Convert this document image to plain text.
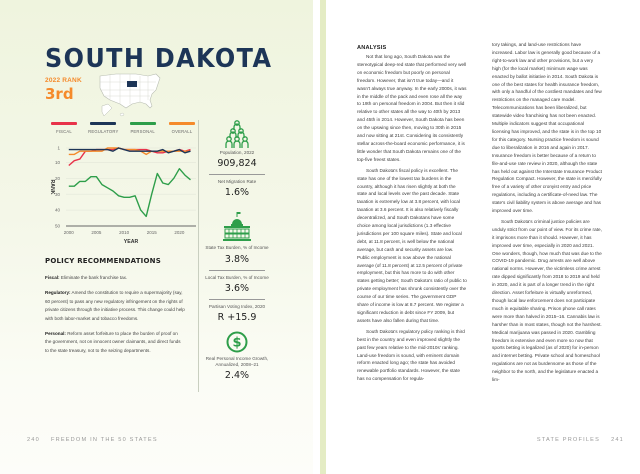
SOUTH DAKOTA
2022 RANK
3rd
FISCAL	REGULATORY	PERSONAL	OVERALL
1
10
20
30
40
50
2000	2005	2010	2015	2020
YEAR
RANK
POLICY RECOMMENDATIONS

Fiscal: Eliminate the bank franchise tax.

Regulatory: Amend the constitution to require a supermajority (say, 60 percent) to pass any new regulatory infringement on the rights of private citizens through the initiative process. This change could help with both labor-market and tobacco freedoms.

Personal: Reform asset forfeiture to place the burden of proof on the government, not on innocent owner claimants, and direct funds to the state treasury, not to the seizing departments.

Population, 2022
909,824
Net Migration Rate
1.6%
State Tax Burden, % of Income
3.8%
Local Tax Burden, % of Income
3.6%
Partisan Voting Index, 2020
R +15.9
$
Real Personal Income Growth, Annualized, 2008–21
2.4%
240 FREEDOM IN THE 50 STATES
ANALYSIS

Not that long ago, South Dakota was the stereotypical deep-red state that performed very well on economic freedom but poorly on personal freedom. However, that isn't true today—and it wasn't always true anyway. In the early 2000s, it was in the middle of the pack and even rose all the way to 19th on personal freedom in 2004. But then it slid relative to other states all the way to 40th by 2013 and 45th in 2014. However, South Dakota has been on the upswing since then, moving to 30th in 2015 and now sitting at 21st. Considering its consistently stellar across-the-board economic performance, it is little wonder that South Dakota remains one of the top-five freest states.

South Dakota's fiscal policy is excellent. The state has one of the lowest tax burdens in the country, although it has risen slightly at both the state and local levels over the past decade. State taxation is extremely low at 3.8 percent, with local taxation at 3.6 percent. It is also relatively fiscally decentralized, and South Dakotans have some choice among local jurisdictions (1.3 effective jurisdictions per 100 square miles). State and local debt, at 11.8 percent, is well below the national average, but cash and security assets are low. Public employment is now above the national average (of 11.8 percent) at 12.5 percent of private employment, but this has more to do with other states getting better; South Dakota's ratio of public to private employment has shrunk consistently over the course of our time series. The government GDP share of income is low at 8.7 percent. We register a significant reduction in debt since FY 2009, but assets have also fallen during that time.

South Dakota's regulatory policy ranking is third best in the country and even improved slightly the past few years relative to the mid-2010s' ranking. Land-use freedom is sound, with eminent domain reform enacted long ago; the state has avoided renewable portfolio standards. However, the state has no compensation for regula-

tory takings, and land-use restrictions have increased. Labor law is generally good because of a right-to-work law and other provisions, but a very high (for the local market) minimum wage was enacted by ballot initiative in 2014. South Dakota is one of the best states for health insurance freedom, with only a handful of the costliest mandates and few restrictions on the managed care model. Telecommunications has been liberalized, but statewide video franchising has not been enacted. Multiple indicators suggest that occupational licensing has improved, and the state is in the top 10 for this category. Nursing practice freedom is sound due to liberalization in 2016 and again in 2017. Insurance freedom is better because of a return to file-and-use rate review in 2020, although the state has held out against the Interstate Insurance Product Regulation Compact. However, the state is mercifully free of a variety of other cronyist entry and price regulations, including a certificate-of-need law. The state's civil liability system is above average and has improved over time.

South Dakota's criminal justice policies are unduly strict from our point of view. For its crime rate, it imprisons more than it should. However, it has improved over time, especially in 2020 and 2021. One wonders, though, how much that was due to the COVID-19 pandemic. Drug arrests are well above national norms. However, the victimless crime arrest rate dipped significantly from 2018 to 2019 and held in 2020, and it is part of a longer trend in the right direction. Asset forfeiture is virtually unreformed, though local law enforcement does not participate much in equitable sharing. Prison phone call rates were more than halved in 2015–16. Cannabis law is harsher than in most states, though not the harshest. Medical marijuana was passed in 2020. Gambling freedom is extensive and even more so now that sports betting is legalized (as of 2020) for in-person and internet betting. Private school and homeschool regulations are not as burdensome as those of the neighbor to the north, and the legislature enacted a lim-

STATE PROFILES 241
